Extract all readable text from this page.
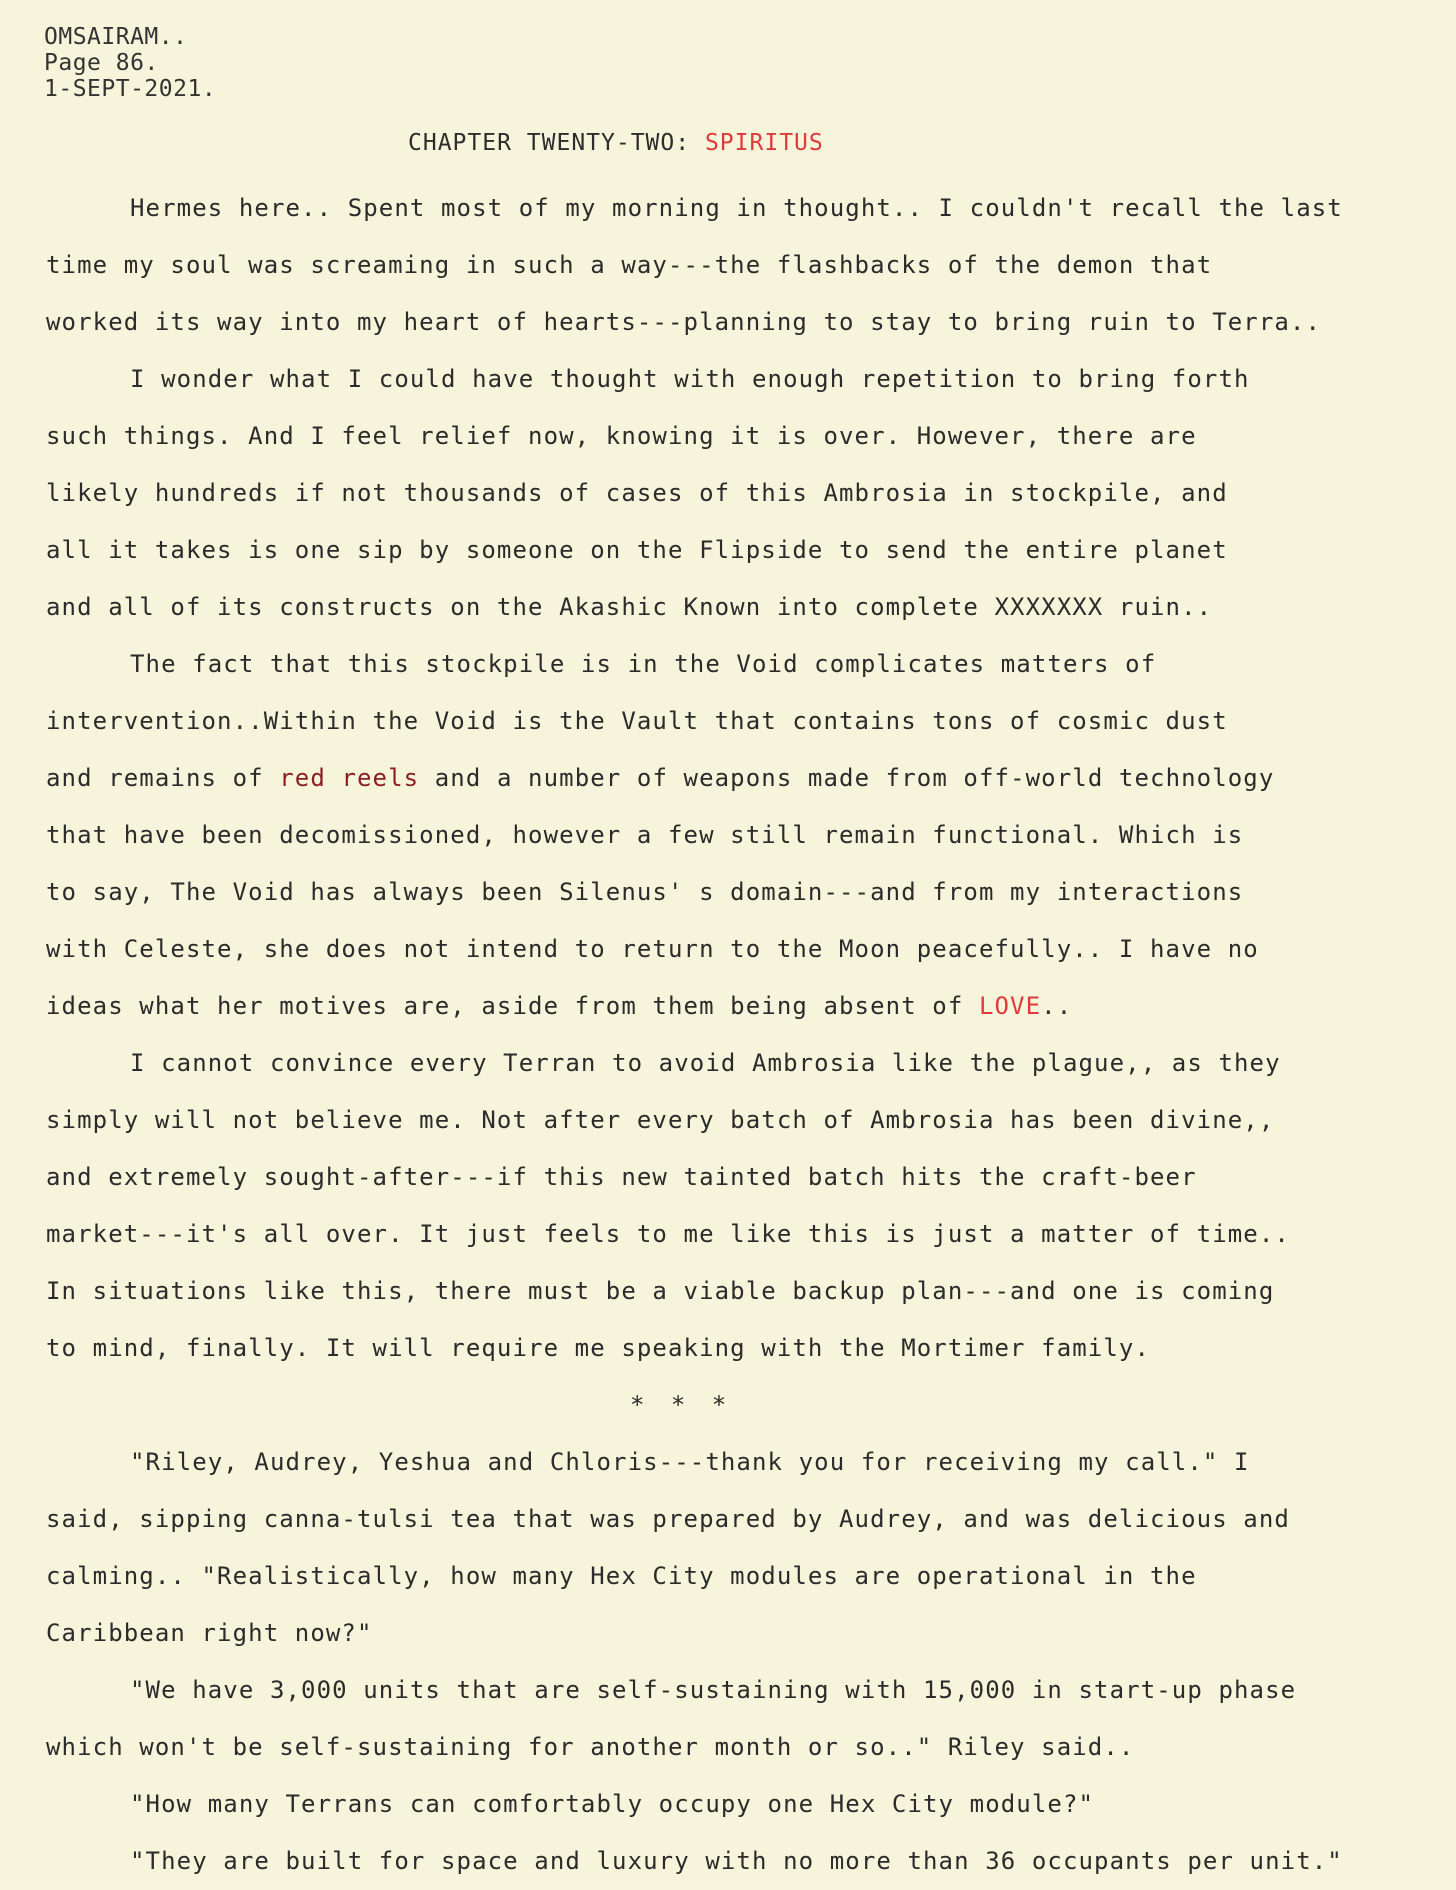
OMSAIRAM..
Page 86.
1-SEPT-2021.
CHAPTER TWENTY-TWO: SPIRITUS
Hermes here.. Spent most of my morning in thought.. I couldn't recall the last
time my soul was screaming in such a way---the flashbacks of the demon that
worked its way into my heart of hearts---planning to stay to bring ruin to Terra..
I wonder what I could have thought with enough repetition to bring forth
such things. And I feel relief now, knowing it is over. However, there are
likely hundreds if not thousands of cases of this Ambrosia in stockpile, and
all it takes is one sip by someone on the Flipside to send the entire planet
and all of its constructs on the Akashic Known into complete XXXXXXX ruin..
The fact that this stockpile is in the Void complicates matters of
intervention..Within the Void is the Vault that contains tons of cosmic dust
and remains of red reels and a number of weapons made from off-world technology
that have been decomissioned, however a few still remain functional. Which is
to say, The Void has always been Silenus' s domain---and from my interactions
with Celeste, she does not intend to return to the Moon peacefully.. I have no
ideas what her motives are, aside from them being absent of LOVE..
I cannot convince every Terran to avoid Ambrosia like the plague,, as they
simply will not believe me. Not after every batch of Ambrosia has been divine,,
and extremely sought-after---if this new tainted batch hits the craft-beer
market---it's all over. It just feels to me like this is just a matter of time..
In situations like this, there must be a viable backup plan---and one is coming
to mind, finally. It will require me speaking with the Mortimer family.
* * *
"Riley, Audrey, Yeshua and Chloris---thank you for receiving my call." I
said, sipping canna-tulsi tea that was prepared by Audrey, and was delicious and
calming.. "Realistically, how many Hex City modules are operational in the
Caribbean right now?"
"We have 3,000 units that are self-sustaining with 15,000 in start-up phase
which won't be self-sustaining for another month or so.." Riley said..
"How many Terrans can comfortably occupy one Hex City module?"
"They are built for space and luxury with no more than 36 occupants per unit."
